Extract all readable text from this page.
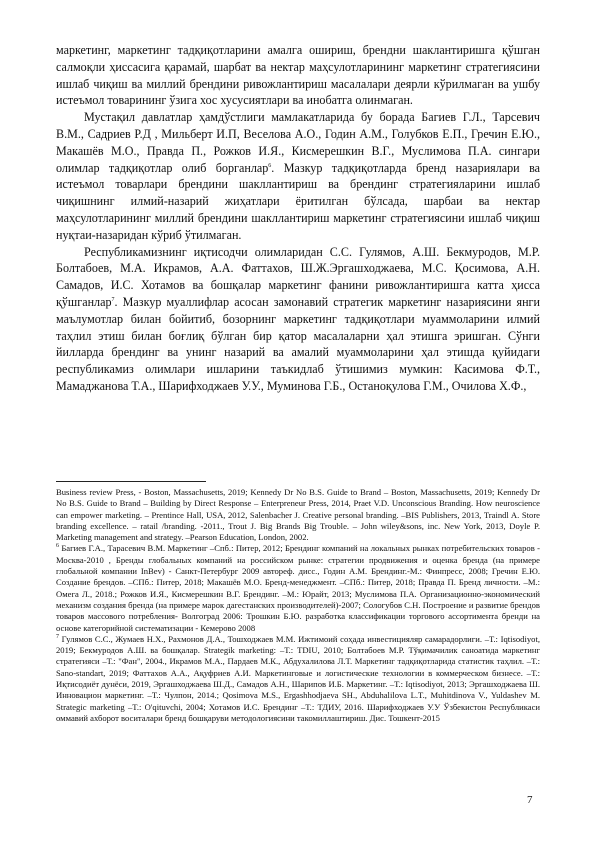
маркетинг, маркетинг тадқиқотларини амалга ошириш, брендни шаклантиришга қўшган салмоқли ҳиссасига қарамай, шарбат ва нектар маҳсулотларининг маркетинг стратегиясини ишлаб чиқиш ва миллий брендини ривожлантириш масалалари деярли кўрилмаган ва ушбу истеъмол товарининг ўзига хос хусусиятлари ва инобатга олинмаган.

Мустақил давлатлар ҳамдўстлиги мамлакатларида бу борада Багиев Г.Л., Тарсевич В.М., Садриев Р.Д , Мильберт И.П, Веселова А.О., Годин А.М., Голубков Е.П., Гречин Е.Ю., Макашёв М.О., Правда П., Рожков И.Я., Кисмерешкин В.Г., Муслимова П.А. сингари олимлар тадқиқотлар олиб борганлар$^6$. Мазкур тадқиқотларда бренд назариялари ва истеъмол товарлари брендини шакллантириш ва брендинг стратегияларини ишлаб чиқишнинг илмий-назарий жиҳатлари ёритилган бўлсада, шарбаи ва нектар маҳсулотларининг миллий брендини шакллантириш маркетинг стратегиясини ишлаб чиқиш нуқтаи-назаридан кўриб ўтилмаган.

Республикамизнинг иқтисодчи олимларидан С.С. Гулямов, А.Ш. Бекмуродов, М.Р. Болтабоев, М.А. Икрамов, А.А. Фаттахов, Ш.Ж.Эргашходжаева, М.С. Қосимова, А.Н. Самадов, И.С. Хотамов ва бошқалар маркетинг фанини ривожлантиришга катта ҳисса қўшганлар$^7$. Мазкур муаллифлар асосан замонавий стратегик маркетинг назариясини янги маълумотлар билан бойитиб, бозорнинг маркетинг тадқиқотлари муаммоларини илмий таҳлил этиш билан боғлиқ бўлган бир қатор масалаларни ҳал этишга эришган. Сўнги йилларда брендинг ва унинг назарий ва амалий муаммоларини ҳал этишда қуйидаги республикамиз олимлари ишларини таъкидлаб ўтишимиз мумкин: Касимова Ф.Т., Мамаджанова Т.А., Шарифходжаев У.У., Муминова Г.Б., Останоқулова Г.М., Очилова Х.Ф.,

Business review Press, - Boston, Massachusetts, 2019; Kennedy Dr No B.S. Guide to Brand – Boston, Massachusetts, 2019; Kennedy Dr No B.S. Guide to Brand – Building by Direct Response – Enterpreneur Press, 2014, Praet V.D. Unconscious Branding. How neuroscience can empower marketing. – Prentince Hall, USA, 2012, Salenbacher J. Creative personal branding. –BIS Publishers, 2013, Traindl A. Store branding excellence. – ratail /branding. -2011., Trout J. Big Brands Big Trouble. – John wiley&sons, inc. New York, 2013, Doyle P. Marketing management and strategy. –Pearson Education, London, 2002.

$^6$ Багиев Г.А., Тарасевич В.М. Маркетинг –Спб.: Питер, 2012; Брендинг компаний на локальных рынках потребительских товаров - Москва-2010 , Бренды глобальных компаний на российском рынке: стратегии продвижения и оценка бренда (на примере глобальной компании InBev) - Санкт-Петербург 2009 автореф. дисс., Годин А.М. Брендинг.-М.: Финпресс, 2008; Гречин Е.Ю. Создание брендов. –СПб.: Питер, 2018; Макашёв М.О. Бренд-менеджмент. –СПб.: Питер, 2018; Правда П. Бренд личности. –М.: Омега Л., 2018.; Рожков И.Я., Кисмерешкин В.Г. Брендинг. –М.: Юрайт, 2013; Муслимова П.А. Организационно-экономический механизм создания бренда (на примере марок дагестанских производителей)-2007; Сологубов С.Н. Построение и развитие брендов товаров массового потребления- Волгоград 2006: Трошкин Б.Ю. разработка классификации торгового ассортимента бренди на основе категорийной систематизации - Кемерово 2008

$^7$ Гулямов С.С., Жумаев Н.Х., Рахмонов Д.А., Тошходжаев М.М. Ижтимоий соҳада инвестицияляр самарадорлиги. –Т.: Iqtisodiyot, 2019; Бекмуродов А.Ш. ва бошқалар. Strategik marketing: –Т.: TDIU, 2010; Болтабоев М.Р. Тўқимачилик саноатида маркетинг стратегияси –Т.: "Фан", 2004., Икрамов М.А., Пардаев М.К., Абдухалилова Л.Т. Маркетинг тадқиқотларида статистик таҳлил. –Т.: Sano-standart, 2019; Фаттахов А.А., Ақуфриев А.И. Маркетинговые и логистические технологии в коммерческом бизнесе. –Т.: Иқтисодиёт дунёси, 2019, Эргашходжаева Ш.Д., Самадов А.Н., Шарипов И.Б. Маркетинг. –Т.: Iqtisodiyot, 2013; Эргашходжаева Ш. Инновацион маркетинг. –Т.: Чулпон, 2014.; Qosimova M.S., Ergashhodjaeva SH., Abduhalilova L.T., Muhitdinova V., Yuldashev M. Strategic marketing –T.: O'qituvchi, 2004; Хотамов И.С. Брендинг –Т.: ТДИУ, 2016. Шарифходжаев У.У Ўзбекистон Республикаси оммавий ахборот воситалари бренд бошқаруви методологиясини такомиллаштириш. Дис. Тошкент-2015

7
